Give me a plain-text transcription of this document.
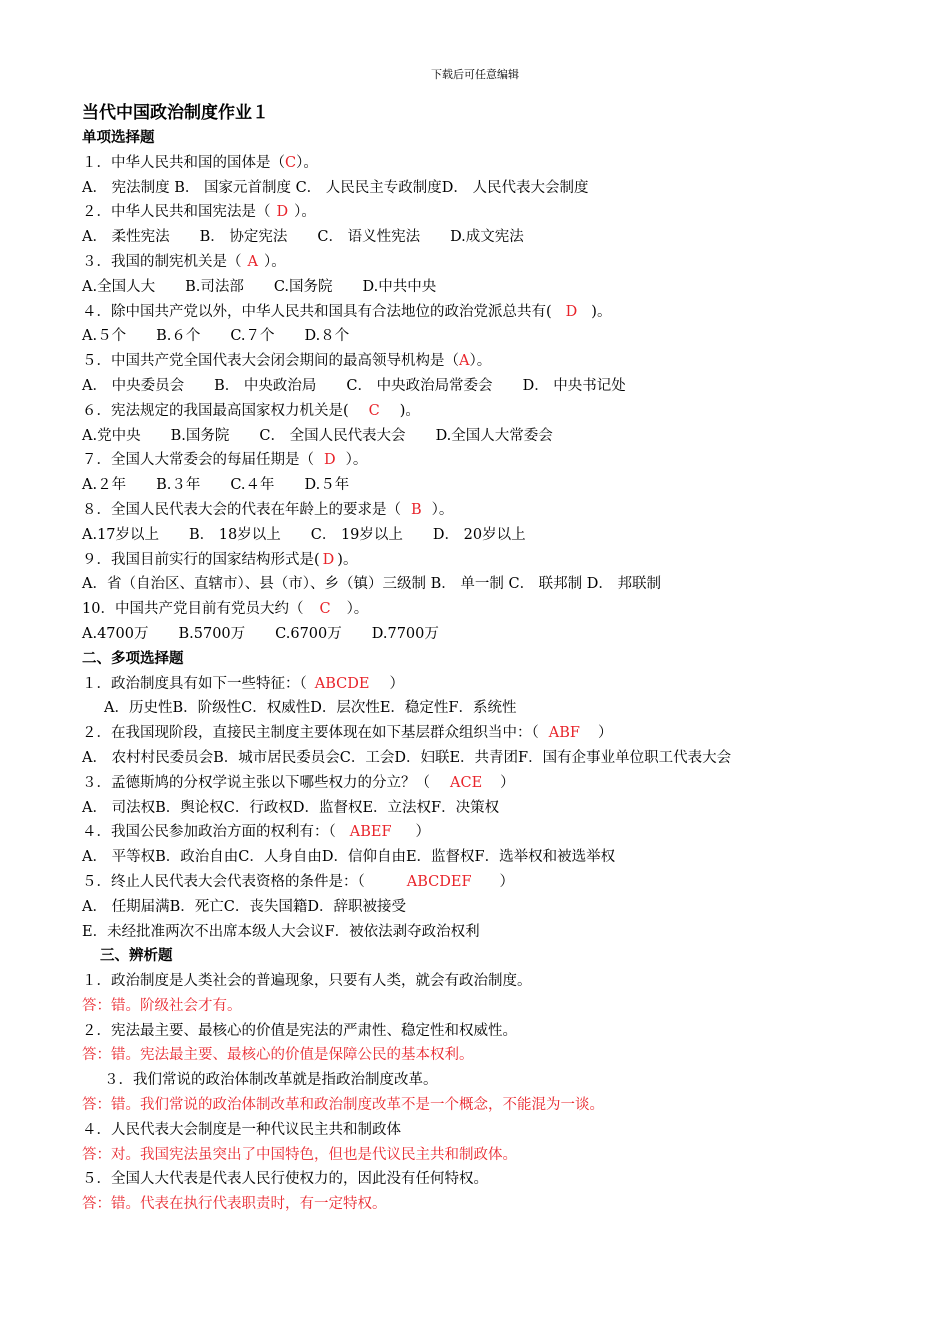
下载后可任意编辑
当代中国政治制度作业１
单项选择题
１．中华人民共和国的国体是（C）。
A． 宪法制度 B． 国家元首制度 C． 人民民主专政制度D． 人民代表大会制度
２．中华人民共和国宪法是（ D ）。
A． 柔性宪法 B． 协定宪法 C． 语义性宪法 D.成文宪法
３．我国的制宪机关是（ A ）。
A.全国人大 B.司法部 C.国务院 D.中共中央
４．除中国共产党以外，中华人民共和国具有合法地位的政治党派总共有( D )。
A.５个 B.６个 C.７个 D.８个
５．中国共产党全国代表大会闭会期间的最高领导机构是（A）。
A． 中央委员会 B． 中央政治局 C． 中央政治局常委会 D． 中央书记处
６．宪法规定的我国最高国家权力机关是( C )。
A.党中央 B.国务院 C． 全国人民代表大会 D.全国人大常委会
７．全国人大常委会的每届任期是（ D ）。
A.２年 B.３年 C.４年 D.５年
８．全国人民代表大会的代表在年龄上的要求是（ B ）。
A.17岁以上 B． 18岁以上 C． 19岁以上 D． 20岁以上
９．我国目前实行的国家结构形式是( D )。
A．省（自治区、直辖市）、县（市）、乡（镇）三级制 B． 单一制 C． 联邦制 D． 邦联制
10．中国共产党目前有党员大约（ C ）。
A.4700万 B.5700万 C.6700万 D.7700万
二、多项选择题
１．政治制度具有如下一些特征：（ ABCDE ）
A．历史性B．阶级性C．权威性D．层次性E．稳定性F．系统性
２．在我国现阶段，直接民主制度主要体现在如下基层群众组织当中：（ ABF ）
A． 农村村民委员会B．城市居民委员会C．工会D．妇联E．共青团F．国有企事业单位职工代表大会
３．孟德斯鸠的分权学说主张以下哪些权力的分立？（ ACE ）
A． 司法权B．舆论权C．行政权D．监督权E．立法权F．决策权
４．我国公民参加政治方面的权利有：（ ABEF ）
A． 平等权B．政治自由C．人身自由D．信仰自由E．监督权F．选举权和被选举权
５．终止人民代表大会代表资格的条件是：（	ABCDEF ）
A． 任期届满B．死亡C．丧失国籍D．辞职被接受
E．未经批准两次不出席本级人大会议F．被依法剥夺政治权利
三、辨析题
１．政治制度是人类社会的普遍现象，只要有人类，就会有政治制度。
答：错。阶级社会才有。
２．宪法最主要、最核心的价值是宪法的严肃性、稳定性和权威性。
答：错。宪法最主要、最核心的价值是保障公民的基本权利。
３．我们常说的政治体制改革就是指政治制度改革。
答：错。我们常说的政治体制改革和政治制度改革不是一个概念，不能混为一谈。
４．人民代表大会制度是一种代议民主共和制政体
答：对。我国宪法虽突出了中国特色，但也是代议民主共和制政体。
５．全国人大代表是代表人民行使权力的，因此没有任何特权。
答：错。代表在执行代表职责时，有一定特权。
